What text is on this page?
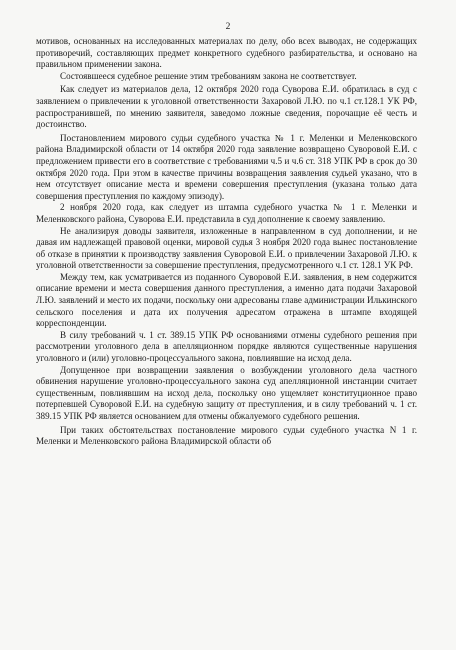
2

мотивов, основанных на исследованных материалах по делу, обо всех выводах, не содержащих противоречий, составляющих предмет конкретного судебного разбирательства, и основано на правильном применении закона.

Состоявшееся судебное решение этим требованиям закона не соответствует.

Как следует из материалов дела, 12 октября 2020 года Суворова Е.И. обратилась в суд с заявлением о привлечении к уголовной ответственности Захаровой Л.Ю. по ч.1 ст.128.1 УК РФ, распространившей, по мнению заявителя, заведомо ложные сведения, порочащие её честь и достоинство.

Постановлением мирового судьи судебного участка № 1 г. Меленки и Меленковского района Владимирской области от 14 октября 2020 года заявление возвращено Суворовой Е.И. с предложением привести его в соответствие с требованиями ч.5 и ч.6 ст. 318 УПК РФ в срок до 30 октября 2020 года. При этом в качестве причины возвращения заявления судьей указано, что в нем отсутствует описание места и времени совершения преступления (указана только дата совершения преступления по каждому эпизоду).

2 ноября 2020 года, как следует из штампа судебного участка № 1 г. Меленки и Меленковского района, Суворова Е.И. представила в суд дополнение к своему заявлению.

Не анализируя доводы заявителя, изложенные в направленном в суд дополнении, и не давая им надлежащей правовой оценки, мировой судья 3 ноября 2020 года вынес постановление об отказе в принятии к производству заявления Суворовой Е.И. о привлечении Захаровой Л.Ю. к уголовной ответственности за совершение преступления, предусмотренного ч.1 ст. 128.1 УК РФ.

Между тем, как усматривается из поданного Суворовой Е.И. заявления, в нем содержится описание времени и места совершения данного преступления, а именно дата подачи Захаровой Л.Ю. заявлений и место их подачи, поскольку они адресованы главе администрации Илькинского сельского поселения и дата их получения адресатом отражена в штампе входящей корреспонденции.

В силу требований ч. 1 ст. 389.15 УПК РФ основаниями отмены судебного решения при рассмотрении уголовного дела в апелляционном порядке являются существенные нарушения уголовного и (или) уголовно-процессуального закона, повлиявшие на исход дела.

Допущенное при возвращении заявления о возбуждении уголовного дела частного обвинения нарушение уголовно-процессуального закона суд апелляционной инстанции считает существенным, повлиявшим на исход дела, поскольку оно ущемляет конституционное право потерпевшей Суворовой Е.И. на судебную защиту от преступления, и в силу требований ч. 1 ст. 389.15 УПК РФ является основанием для отмены обжалуемого судебного решения.

При таких обстоятельствах постановление мирового судьи судебного участка N 1 г. Меленки и Меленковского района Владимирской области об
